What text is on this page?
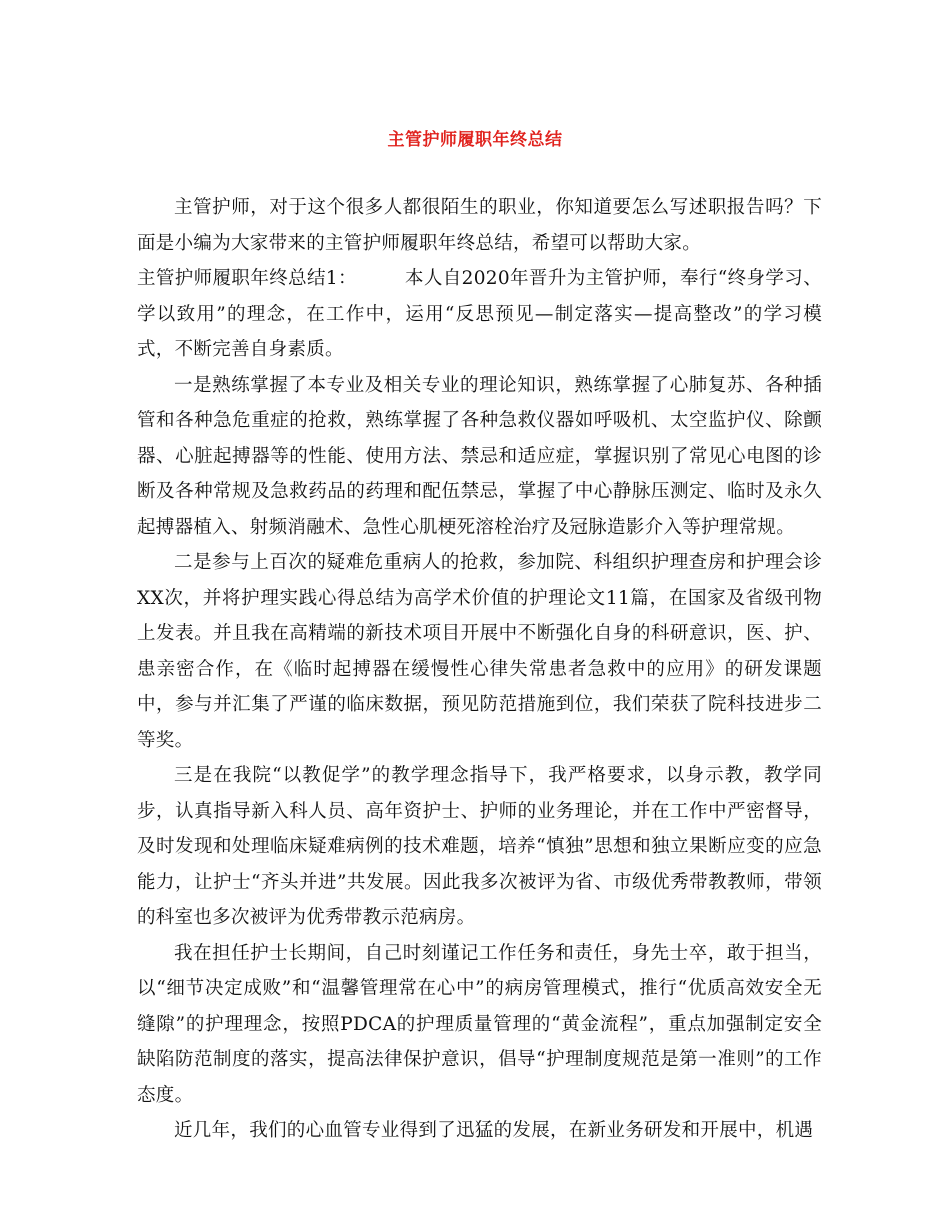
主管护师履职年终总结

主管护师，对于这个很多人都很陌生的职业，你知道要怎么写述职报告吗？下面是小编为大家带来的主管护师履职年终总结，希望可以帮助大家。

主管护师履职年终总结1：	本人自2020年晋升为主管护师，奉行“终身学习、学以致用”的理念，在工作中，运用“反思预见—制定落实—提高整改”的学习模式，不断完善自身素质。

一是熟练掌握了本专业及相关专业的理论知识，熟练掌握了心肺复苏、各种插管和各种急危重症的抢救，熟练掌握了各种急救仪器如呼吸机、太空监护仪、除颤器、心脏起搏器等的性能、使用方法、禁忌和适应症，掌握识别了常见心电图的诊断及各种常规及急救药品的药理和配伍禁忌，掌握了中心静脉压测定、临时及永久起搏器植入、射频消融术、急性心肌梗死溶栓治疗及冠脉造影介入等护理常规。

二是参与上百次的疑难危重病人的抢救，参加院、科组织护理查房和护理会诊XX次，并将护理实践心得总结为高学术价值的护理论文11篇，在国家及省级刊物上发表。并且我在高精端的新技术项目开展中不断强化自身的科研意识，医、护、患亲密合作，在《临时起搏器在缓慢性心律失常患者急救中的应用》的研发课题中，参与并汇集了严谨的临床数据，预见防范措施到位，我们荣获了院科技进步二等奖。

三是在我院“以教促学”的教学理念指导下，我严格要求，以身示教，教学同步，认真指导新入科人员、高年资护士、护师的业务理论，并在工作中严密督导，及时发现和处理临床疑难病例的技术难题，培养“慎独”思想和独立果断应变的应急能力，让护士“齐头并进”共发展。因此我多次被评为省、市级优秀带教教师，带领的科室也多次被评为优秀带教示范病房。

我在担任护士长期间，自己时刻谨记工作任务和责任，身先士卒，敢于担当，以“细节决定成败”和“温馨管理常在心中”的病房管理模式，推行“优质高效安全无缝隙”的护理理念，按照PDCA的护理质量管理的“黄金流程”，重点加强制定安全缺陷防范制度的落实，提高法律保护意识，倡导“护理制度规范是第一准则”的工作态度。

近几年，我们的心血管专业得到了迅猛的发展，在新业务研发和开展中，机遇
